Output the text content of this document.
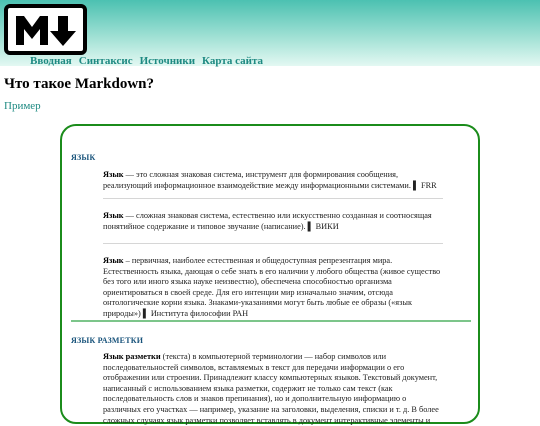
Вводная Синтаксис Источники Карта сайта
Что такое Markdown?
Пример
ЯЗЫК
Язык — это сложная знаковая система, инструмент для формирования сообщения, реализующий информационное взаимодействие между информационными системами. ▌ FRR
Язык — сложная знаковая система, естественно или искусственно созданная и соотносящая понятийное содержание и типовое звучание (написание). ▌ ВИКИ
Язык – первичная, наиболее естественная и общедоступная репрезентация мира. Естественность языка, дающая о себе знать в его наличии у любого общества (живое существо без того или иного языка науке неизвестно), обеспечена способностью организма ориентироваться в своей среде. Для его интенции мир изначально значим, отсюда онтологические корни языка. Знаками-указаниями могут быть любые ее образы («язык природы») ▌ Института философии РАН
ЯЗЫК РАЗМЕТКИ
Язык разметки (текста) в компьютерной терминологии — набор символов или последовательностей символов, вставляемых в текст для передачи информации о его отображении или строении. Принадлежит классу компьютерных языков. Текстовый документ, написанный с использованием языка разметки, содержит не только сам текст (как последовательность слов и знаков препинания), но и дополнительную информацию о различных его участках — например, указание на заголовки, выделения, списки и т. д. В более сложных случаях язык разметки позволяет вставлять в документ интерактивные элементы и
